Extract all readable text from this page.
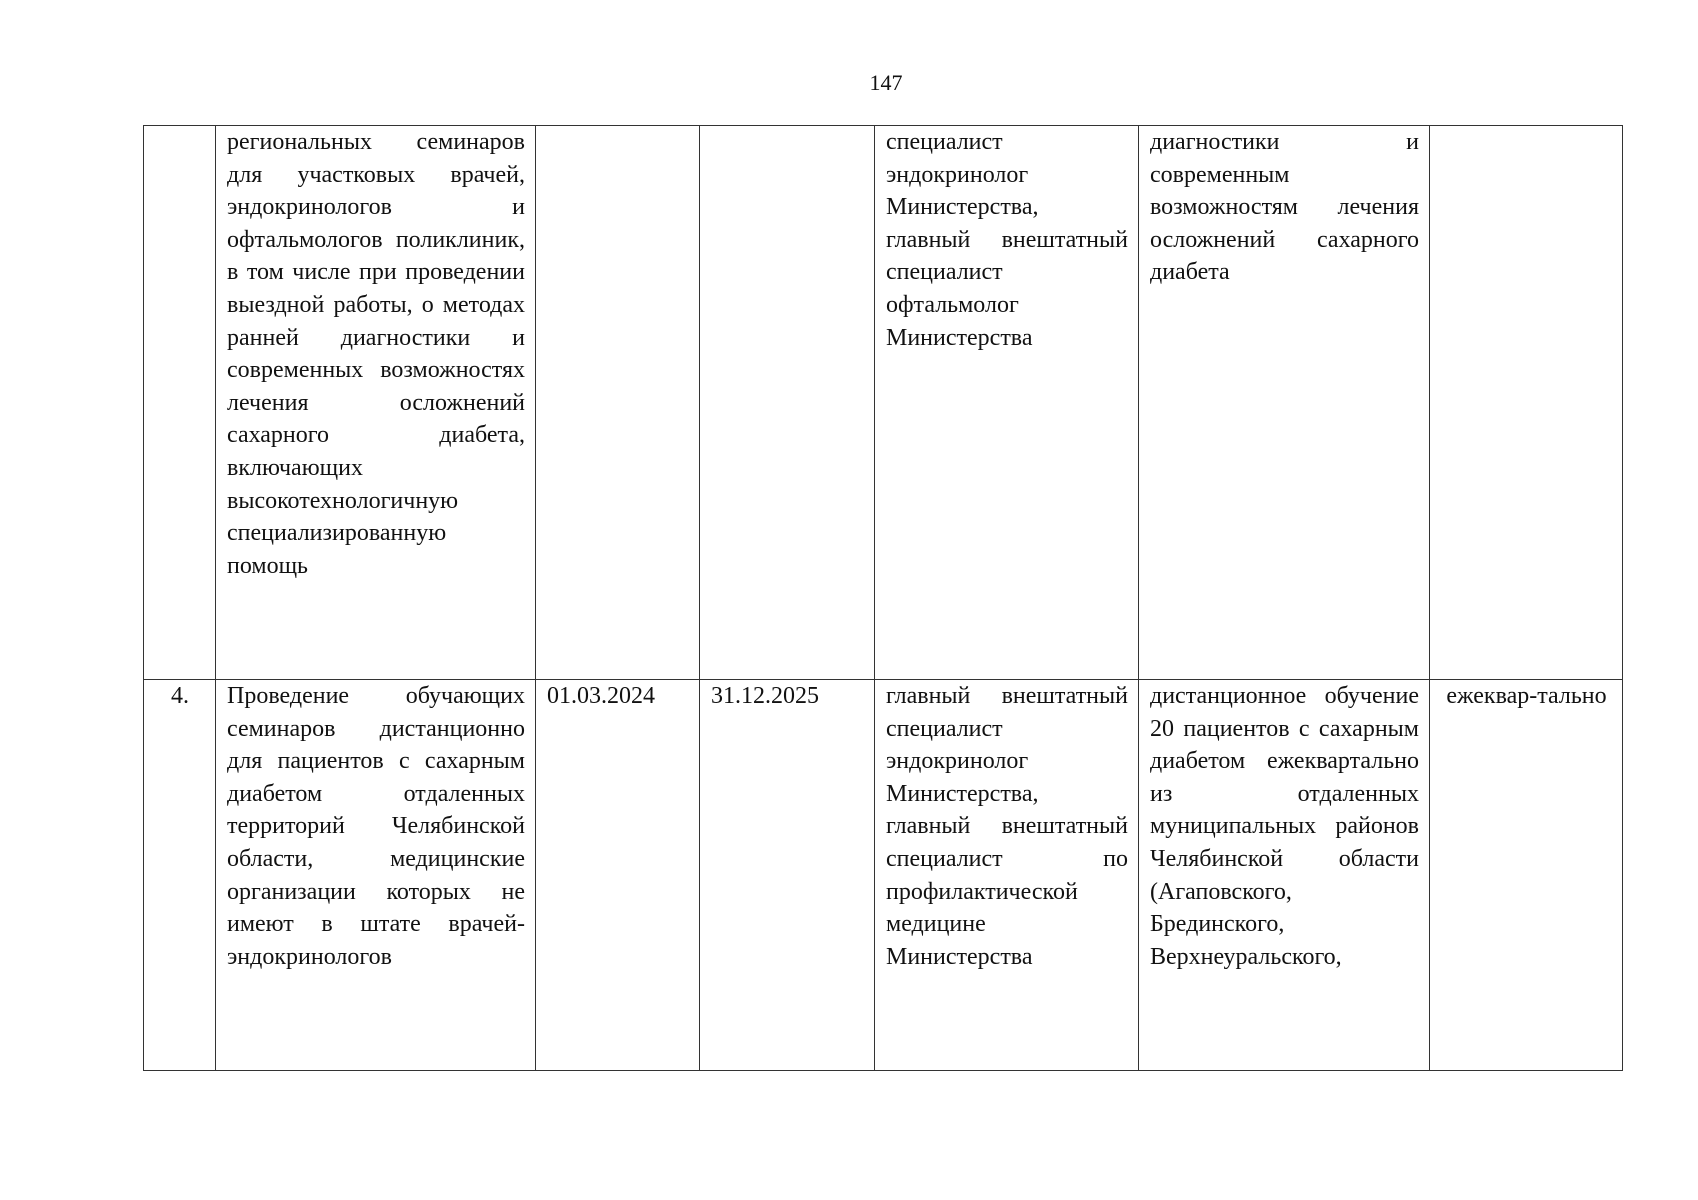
147
	региональных семинаров для участковых врачей, эндокринологов и офтальмологов поликлиник, в том числе при проведении выездной работы, о методах ранней диагностики и современных возможностях лечения осложнений сахарного диабета, включающих высокотехнологичную специализированную помощь			специалист эндокринолог Министерства, главный внештатный специалист офтальмолог Министерства	диагностики и современным возможностям лечения осложнений сахарного диабета	
4.	Проведение обучающих семинаров дистанционно для пациентов с сахарным диабетом отдаленных территорий Челябинской области, медицинские организации которых не имеют в штате врачей-эндокринологов	01.03.2024	31.12.2025	главный внештатный специалист эндокринолог Министерства, главный внештатный специалист по профилактической медицине Министерства	дистанционное обучение 20 пациентов с сахарным диабетом ежеквартально из отдаленных муниципальных районов Челябинской области (Агаповского, Брединского, Верхнеуральского,	ежеквар-тально
